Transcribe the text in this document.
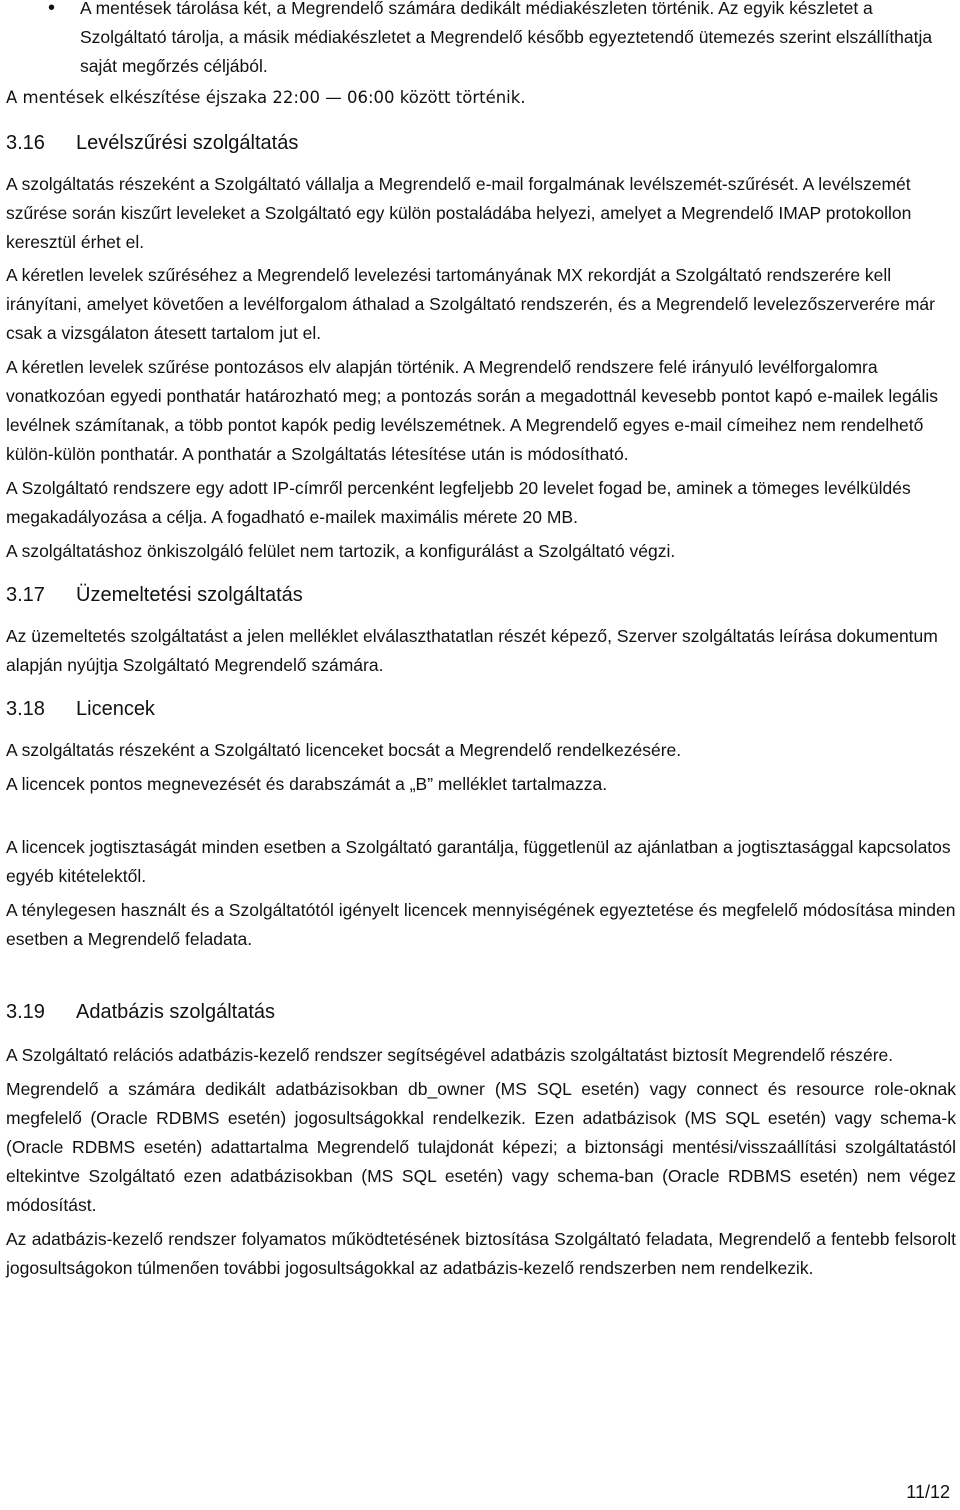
• A mentések tárolása két, a Megrendelő számára dedikált médiakészleten történik. Az egyik készletet a Szolgáltató tárolja, a másik médiakészletet a Megrendelő később egyeztetendő ütemezés szerint elszállíthatja saját megőrzés céljából.
A mentések elkészítése éjszaka 22:00 — 06:00 között történik.
3.16	Levélszűrési szolgáltatás
A szolgáltatás részeként a Szolgáltató vállalja a Megrendelő e-mail forgalmának levélszemét-szűrését. A levélszemét szűrése során kiszűrt leveleket a Szolgáltató egy külön postaládába helyezi, amelyet a Megrendelő IMAP protokollon keresztül érhet el.
A kéretlen levelek szűréséhez a Megrendelő levelezési tartományának MX rekordját a Szolgáltató rendszerére kell irányítani, amelyet követően a levélforgalom áthalad a Szolgáltató rendszerén, és a Megrendelő levelezőszerverére már csak a vizsgálaton átesett tartalom jut el.
A kéretlen levelek szűrése pontozásos elv alapján történik. A Megrendelő rendszere felé irányuló levélforgalomra vonatkozóan egyedi ponthatár határozható meg; a pontozás során a megadottnál kevesebb pontot kapó e-mailek legális levélnek számítanak, a több pontot kapók pedig levélszemétnek. A Megrendelő egyes e-mail címeihez nem rendelhető külön-külön ponthatár. A ponthatár a Szolgáltatás létesítése után is módosítható.
A Szolgáltató rendszere egy adott IP-címről percenként legfeljebb 20 levelet fogad be, aminek a tömeges levélküldés megakadályozása a célja. A fogadható e-mailek maximális mérete 20 MB.
A szolgáltatáshoz önkiszolgáló felület nem tartozik, a konfigurálást a Szolgáltató végzi.
3.17	Üzemeltetési szolgáltatás
Az üzemeltetés szolgáltatást a jelen melléklet elválaszthatatlan részét képező, Szerver szolgáltatás leírása dokumentum alapján nyújtja Szolgáltató Megrendelő számára.
3.18	Licencek
A szolgáltatás részeként a Szolgáltató licenceket bocsát a Megrendelő rendelkezésére.
A licencek pontos megnevezését és darabszámát a „B” melléklet tartalmazza.
A licencek jogtisztaságát minden esetben a Szolgáltató garantálja, függetlenül az ajánlatban a jogtisztasággal kapcsolatos egyéb kitételektől.
A ténylegesen használt és a Szolgáltatótól igényelt licencek mennyiségének egyeztetése és megfelelő módosítása minden esetben a Megrendelő feladata.
3.19	Adatbázis szolgáltatás
A Szolgáltató relációs adatbázis-kezelő rendszer segítségével adatbázis szolgáltatást biztosít Megrendelő részére.
Megrendelő a számára dedikált adatbázisokban db_owner (MS SQL esetén) vagy connect és resource role-oknak megfelelő (Oracle RDBMS esetén) jogosultságokkal rendelkezik. Ezen adatbázisok (MS SQL esetén) vagy schema-k (Oracle RDBMS esetén) adattartalma Megrendelő tulajdonát képezi; a biztonsági mentési/visszaállítási szolgáltatástól eltekintve Szolgáltató ezen adatbázisokban (MS SQL esetén) vagy schema-ban (Oracle RDBMS esetén) nem végez módosítást.
Az adatbázis-kezelő rendszer folyamatos működtetésének biztosítása Szolgáltató feladata, Megrendelő a fentebb felsorolt jogosultságokon túlmenően további jogosultságokkal az adatbázis-kezelő rendszerben nem rendelkezik.
11/12
